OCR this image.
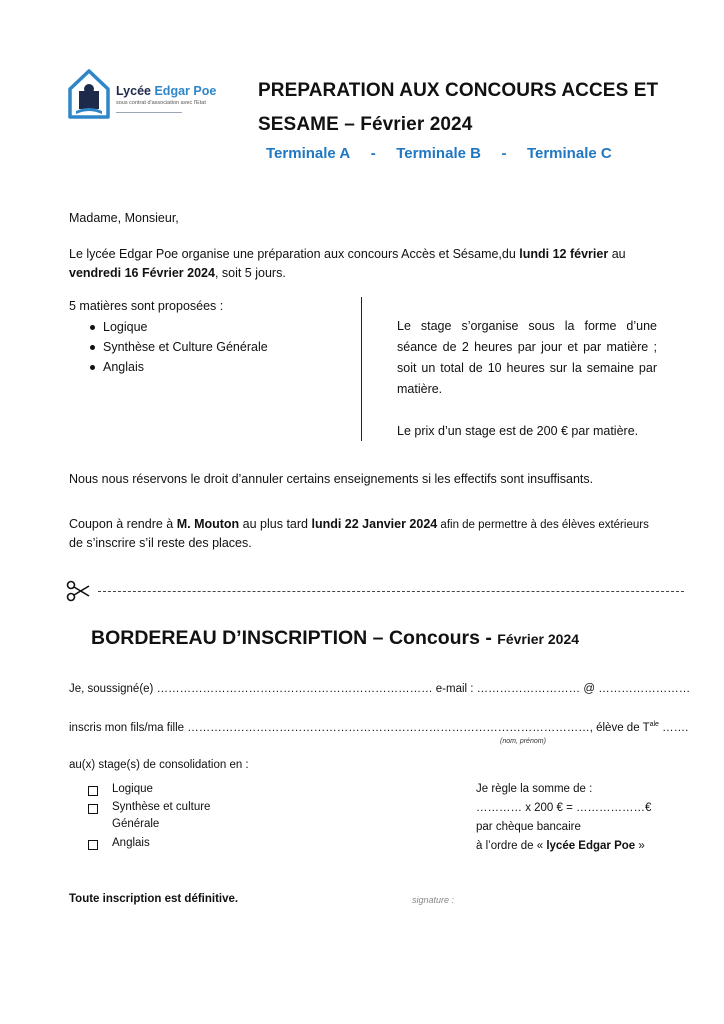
Lycée Edgar Poe
sous contrat d'association avec l'Etat
PREPARATION AUX CONCOURS ACCES ET
SESAME – Février 2024
Terminale A - Terminale B - Terminale C
Madame, Monsieur,
Le lycée Edgar Poe organise une préparation aux concours Accès et Sésame,du lundi 12 février au
vendredi 16 Février 2024, soit 5 jours.
5 matières sont proposées :
Logique
Synthèse et Culture Générale
Anglais
Le stage s’organise sous la forme d’une séance de 2 heures par jour et par matière ; soit un total de 10 heures sur la semaine par matière.
Le prix d’un stage est de 200 € par matière.
Nous nous réservons le droit d’annuler certains enseignements si les effectifs sont insuffisants.
Coupon à rendre à M. Mouton au plus tard lundi 22 Janvier 2024 afin de permettre à des élèves extérieurs
de s’inscrire s’il reste des places.
BORDEREAU D’INSCRIPTION – Concours - Février 2024
Je, soussigné(e) ……………………………………………………………… e-mail : ……………………… @ ……………………
inscris mon fils/ma fille ……………………………………………………………………………………………, élève de $T^{ale}$ …….
(nom, prénom)
au(x) stage(s) de consolidation en :
Logique
Synthèse et culture
Générale
Anglais
Je règle la somme de :
………… x 200 € = ………………€
par chèque bancaire
à l’ordre de « lycée Edgar Poe »
Toute inscription est définitive.	signature :
